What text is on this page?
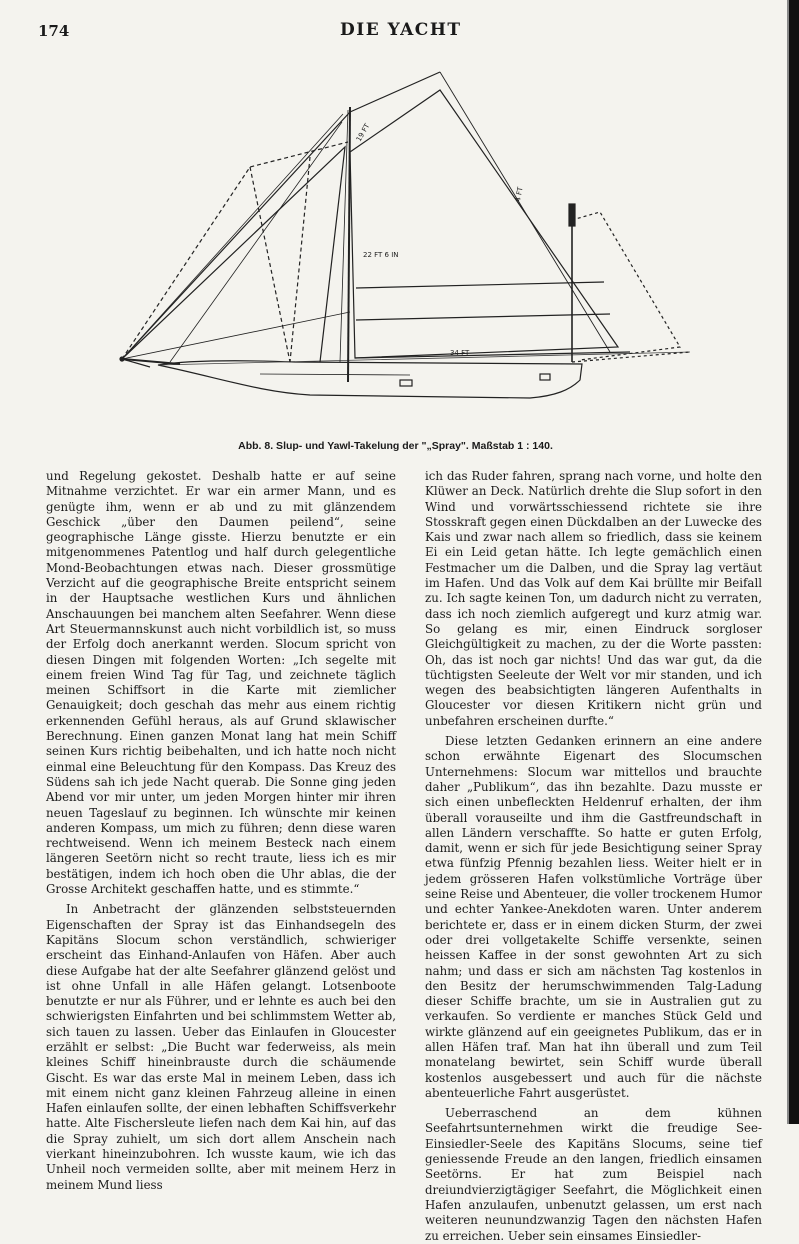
174	DIE YACHT
19 FT
4 FT
22 FT 6 IN
34 FT
Abb. 8. Slup- und Yawl-Takelung der "„Spray". Maßstab 1 : 140.

und Regelung gekostet. Deshalb hatte er auf seine Mitnahme verzichtet. Er war ein armer Mann, und es genügte ihm, wenn er ab und zu mit glänzendem Geschick „über den Daumen peilend“, seine geographische Länge gisste. Hierzu benutzte er ein mitgenommenes Patentlog und half durch gelegentliche Mond-Beobachtungen etwas nach. Dieser grossmütige Verzicht auf die geographische Breite entspricht seinem in der Hauptsache westlichen Kurs und ähnlichen Anschauungen bei manchem alten Seefahrer. Wenn diese Art Steuermannskunst auch nicht vorbildlich ist, so muss der Erfolg doch anerkannt werden. Slocum spricht von diesen Dingen mit folgenden Worten: „Ich segelte mit einem freien Wind Tag für Tag, und zeichnete täglich meinen Schiffsort in die Karte mit ziemlicher Genauigkeit; doch geschah das mehr aus einem richtig erkennenden Gefühl heraus, als auf Grund sklawischer Berechnung. Einen ganzen Monat lang hat mein Schiff seinen Kurs richtig beibehalten, und ich hatte noch nicht einmal eine Beleuchtung für den Kompass. Das Kreuz des Südens sah ich jede Nacht querab. Die Sonne ging jeden Abend vor mir unter, um jeden Morgen hinter mir ihren neuen Tageslauf zu beginnen. Ich wünschte mir keinen anderen Kompass, um mich zu führen; denn diese waren rechtweisend. Wenn ich meinem Besteck nach einem längeren Seetörn nicht so recht traute, liess ich es mir bestätigen, indem ich hoch oben die Uhr ablas, die der Grosse Architekt geschaffen hatte, und es stimmte.“

In Anbetracht der glänzenden selbststeuernden Eigenschaften der Spray ist das Einhandsegeln des Kapitäns Slocum schon verständlich, schwieriger erscheint das Einhand-Anlaufen von Häfen. Aber auch diese Aufgabe hat der alte Seefahrer glänzend gelöst und ist ohne Unfall in alle Häfen gelangt. Lotsenboote benutzte er nur als Führer, und er lehnte es auch bei den schwierigsten Einfahrten und bei schlimmstem Wetter ab, sich tauen zu lassen. Ueber das Einlaufen in Gloucester erzählt er selbst: „Die Bucht war federweiss, als mein kleines Schiff hineinbrauste durch die schäumende Gischt. Es war das erste Mal in meinem Leben, dass ich mit einem nicht ganz kleinen Fahrzeug alleine in einen Hafen einlaufen sollte, der einen lebhaften Schiffsverkehr hatte. Alte Fischersleute liefen nach dem Kai hin, auf das die Spray zuhielt, um sich dort allem Anschein nach vierkant hineinzubohren. Ich wusste kaum, wie ich das Unheil noch vermeiden sollte, aber mit meinem Herz in meinem Mund liess

ich das Ruder fahren, sprang nach vorne, und holte den Klüwer an Deck. Natürlich drehte die Slup sofort in den Wind und vorwärtsschiessend richtete sie ihre Stosskraft gegen einen Dückdalben an der Luwecke des Kais und zwar nach allem so friedlich, dass sie keinem Ei ein Leid getan hätte. Ich legte gemächlich einen Festmacher um die Dalben, und die Spray lag vertäut im Hafen. Und das Volk auf dem Kai brüllte mir Beifall zu. Ich sagte keinen Ton, um dadurch nicht zu verraten, dass ich noch ziemlich aufgeregt und kurz atmig war. So gelang es mir, einen Eindruck sorgloser Gleichgültigkeit zu machen, zu der die Worte passten: Oh, das ist noch gar nichts! Und das war gut, da die tüchtigsten Seeleute der Welt vor mir standen, und ich wegen des beabsichtigten längeren Aufenthalts in Gloucester vor diesen Kritikern nicht grün und unbefahren erscheinen durfte.“

Diese letzten Gedanken erinnern an eine andere schon erwähnte Eigenart des Slocumschen Unternehmens: Slocum war mittellos und brauchte daher „Publikum“, das ihn bezahlte. Dazu musste er sich einen unbefleckten Heldenruf erhalten, der ihm überall vorauseilte und ihm die Gastfreundschaft in allen Ländern verschaffte. So hatte er guten Erfolg, damit, wenn er sich für jede Besichtigung seiner Spray etwa fünfzig Pfennig bezahlen liess. Weiter hielt er in jedem grösseren Hafen volkstümliche Vorträge über seine Reise und Abenteuer, die voller trockenem Humor und echter Yankee-Anekdoten waren. Unter anderem berichtete er, dass er in einem dicken Sturm, der zwei oder drei vollgetakelte Schiffe versenkte, seinen heissen Kaffee in der sonst gewohnten Art zu sich nahm; und dass er sich am nächsten Tag kostenlos in den Besitz der herumschwimmenden Talg-Ladung dieser Schiffe brachte, um sie in Australien gut zu verkaufen. So verdiente er manches Stück Geld und wirkte glänzend auf ein geeignetes Publikum, das er in allen Häfen traf. Man hat ihn überall und zum Teil monatelang bewirtet, sein Schiff wurde überall kostenlos ausgebessert und auch für die nächste abenteuerliche Fahrt ausgerüstet.

Ueberraschend an dem kühnen Seefahrtsunternehmen wirkt die freudige See-Einsiedler-Seele des Kapitäns Slocums, seine tief geniessende Freude an den langen, friedlich einsamen Seetörns. Er hat zum Beispiel nach dreiundvierzigtägiger Seefahrt, die Möglichkeit einen Hafen anzulaufen, unbenutzt gelassen, um erst nach weiteren neunundzwanzig Tagen den nächsten Hafen zu erreichen. Ueber sein einsames Einsiedler-
